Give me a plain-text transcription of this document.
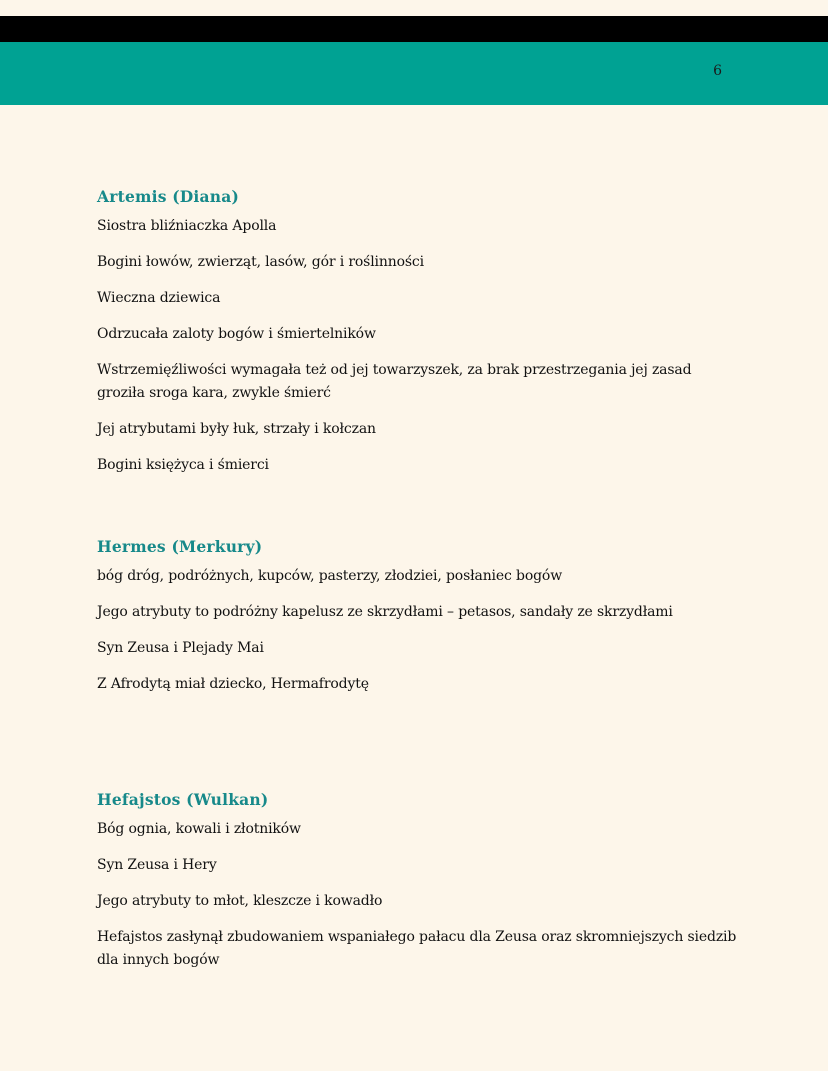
6
Artemis (Diana)

Siostra bliźniaczka Apolla

Bogini łowów, zwierząt, lasów, gór i roślinności

Wieczna dziewica

Odrzucała zaloty bogów i śmiertelników

Wstrzemięźliwości wymagała też od jej towarzyszek, za brak przestrzegania jej zasad groziła sroga kara, zwykle śmierć

Jej atrybutami były łuk, strzały i kołczan

Bogini księżyca i śmierci

Hermes (Merkury)

bóg dróg, podróżnych, kupców, pasterzy, złodziei, posłaniec bogów

Jego atrybuty to podróżny kapelusz ze skrzydłami – petasos, sandały ze skrzydłami

Syn Zeusa i Plejady Mai

Z Afrodytą miał dziecko, Hermafrodytę

Hefajstos (Wulkan)

Bóg ognia, kowali i złotników

Syn Zeusa i Hery

Jego atrybuty to młot, kleszcze i kowadło

Hefajstos zasłynął zbudowaniem wspaniałego pałacu dla Zeusa oraz skromniejszych siedzib dla innych bogów
